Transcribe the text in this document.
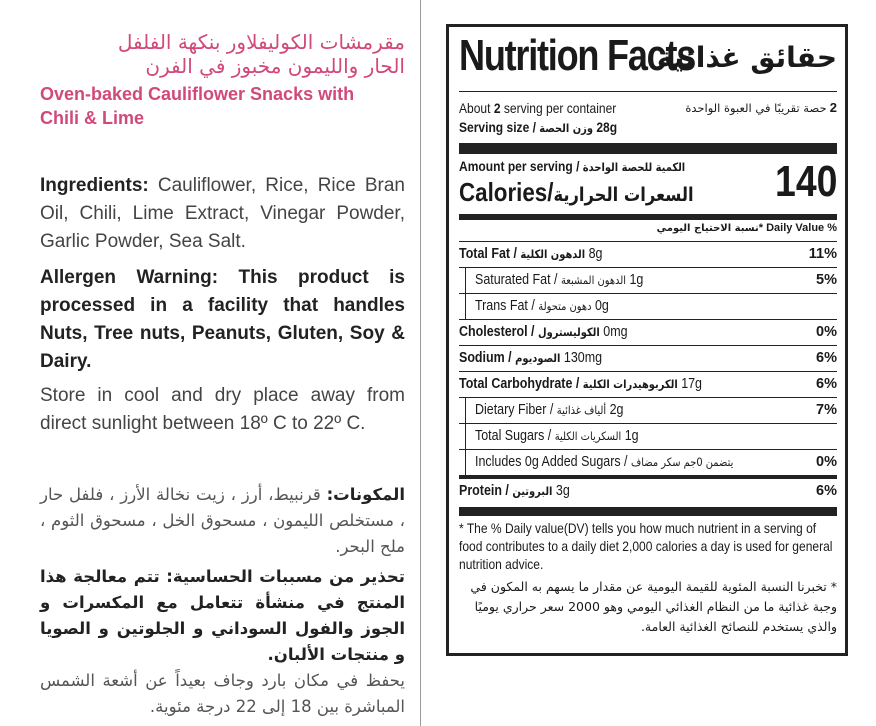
مقرمشات الكوليفلاور بنكهة الفلفل
الحار والليمون مخبوز في الفرن
Oven-baked Cauliflower Snacks with
Chili & Lime
Ingredients: Cauliflower, Rice, Rice Bran Oil, Chili, Lime Extract, Vinegar Powder, Garlic Powder, Sea Salt.
Allergen Warning: This product is processed in a facility that handles Nuts, Tree nuts, Peanuts, Gluten, Soy & Dairy.
Store in cool and dry place away from direct sunlight between 18º C to 22º C.
المكونات: قرنبيط، أرز ، زيت نخالة الأرز ، فلفل حار ، مستخلص الليمون ، مسحوق الخل ، مسحوق الثوم ، ملح البحر.
تحذير من مسببات الحساسية: تتم معالجة هذا المنتج في منشأة تتعامل مع المكسرات و الجوز والفول السوداني و الجلوتين و الصويا و منتجات الألبان.
يحفظ في مكان بارد وجاف بعيداً عن أشعة الشمس المباشرة بين 18 إلى 22 درجة مئوية.
Nutrition Facts
حقائق غذائية
About 2 serving per container	حصة تقريبًا في العبوة الواحدة 2
Serving size / وزن الحصة 28g
Amount per serving / الكمية للحصة الواحدة
Calories/السعرات الحرارية 140
نسبة الاحتياج اليومي* Daily Value %
Total Fat / الدهون الكلية 8g	11%
Saturated Fat / الدهون المشبعة 1g	5%
Trans Fat / دهون متحولة 0g
Cholesterol / الكوليسترول 0mg	0%
Sodium / الصوديوم 130mg	6%
Total Carbohydrate / الكربوهيدرات الكلية 17g	6%
Dietary Fiber / ألياف غذائية 2g	7%
Total Sugars / السكريات الكلية 1g
Includes 0g Added Sugars / يتضمن 0جم سكر مضاف	0%
Protein / البروتين 3g	6%
* The % Daily value(DV) tells you how much nutrient in a serving of food contributes to a daily diet 2,000 calories a day is used for general nutrition advice.
* تخبرنا النسبة المئوية للقيمة اليومية عن مقدار ما يسهم به المكون في وجبة غذائية ما من النظام الغذائي اليومي وهو 2000 سعر حراري يوميًا والذي يستخدم للنصائح الغذائية العامة.
